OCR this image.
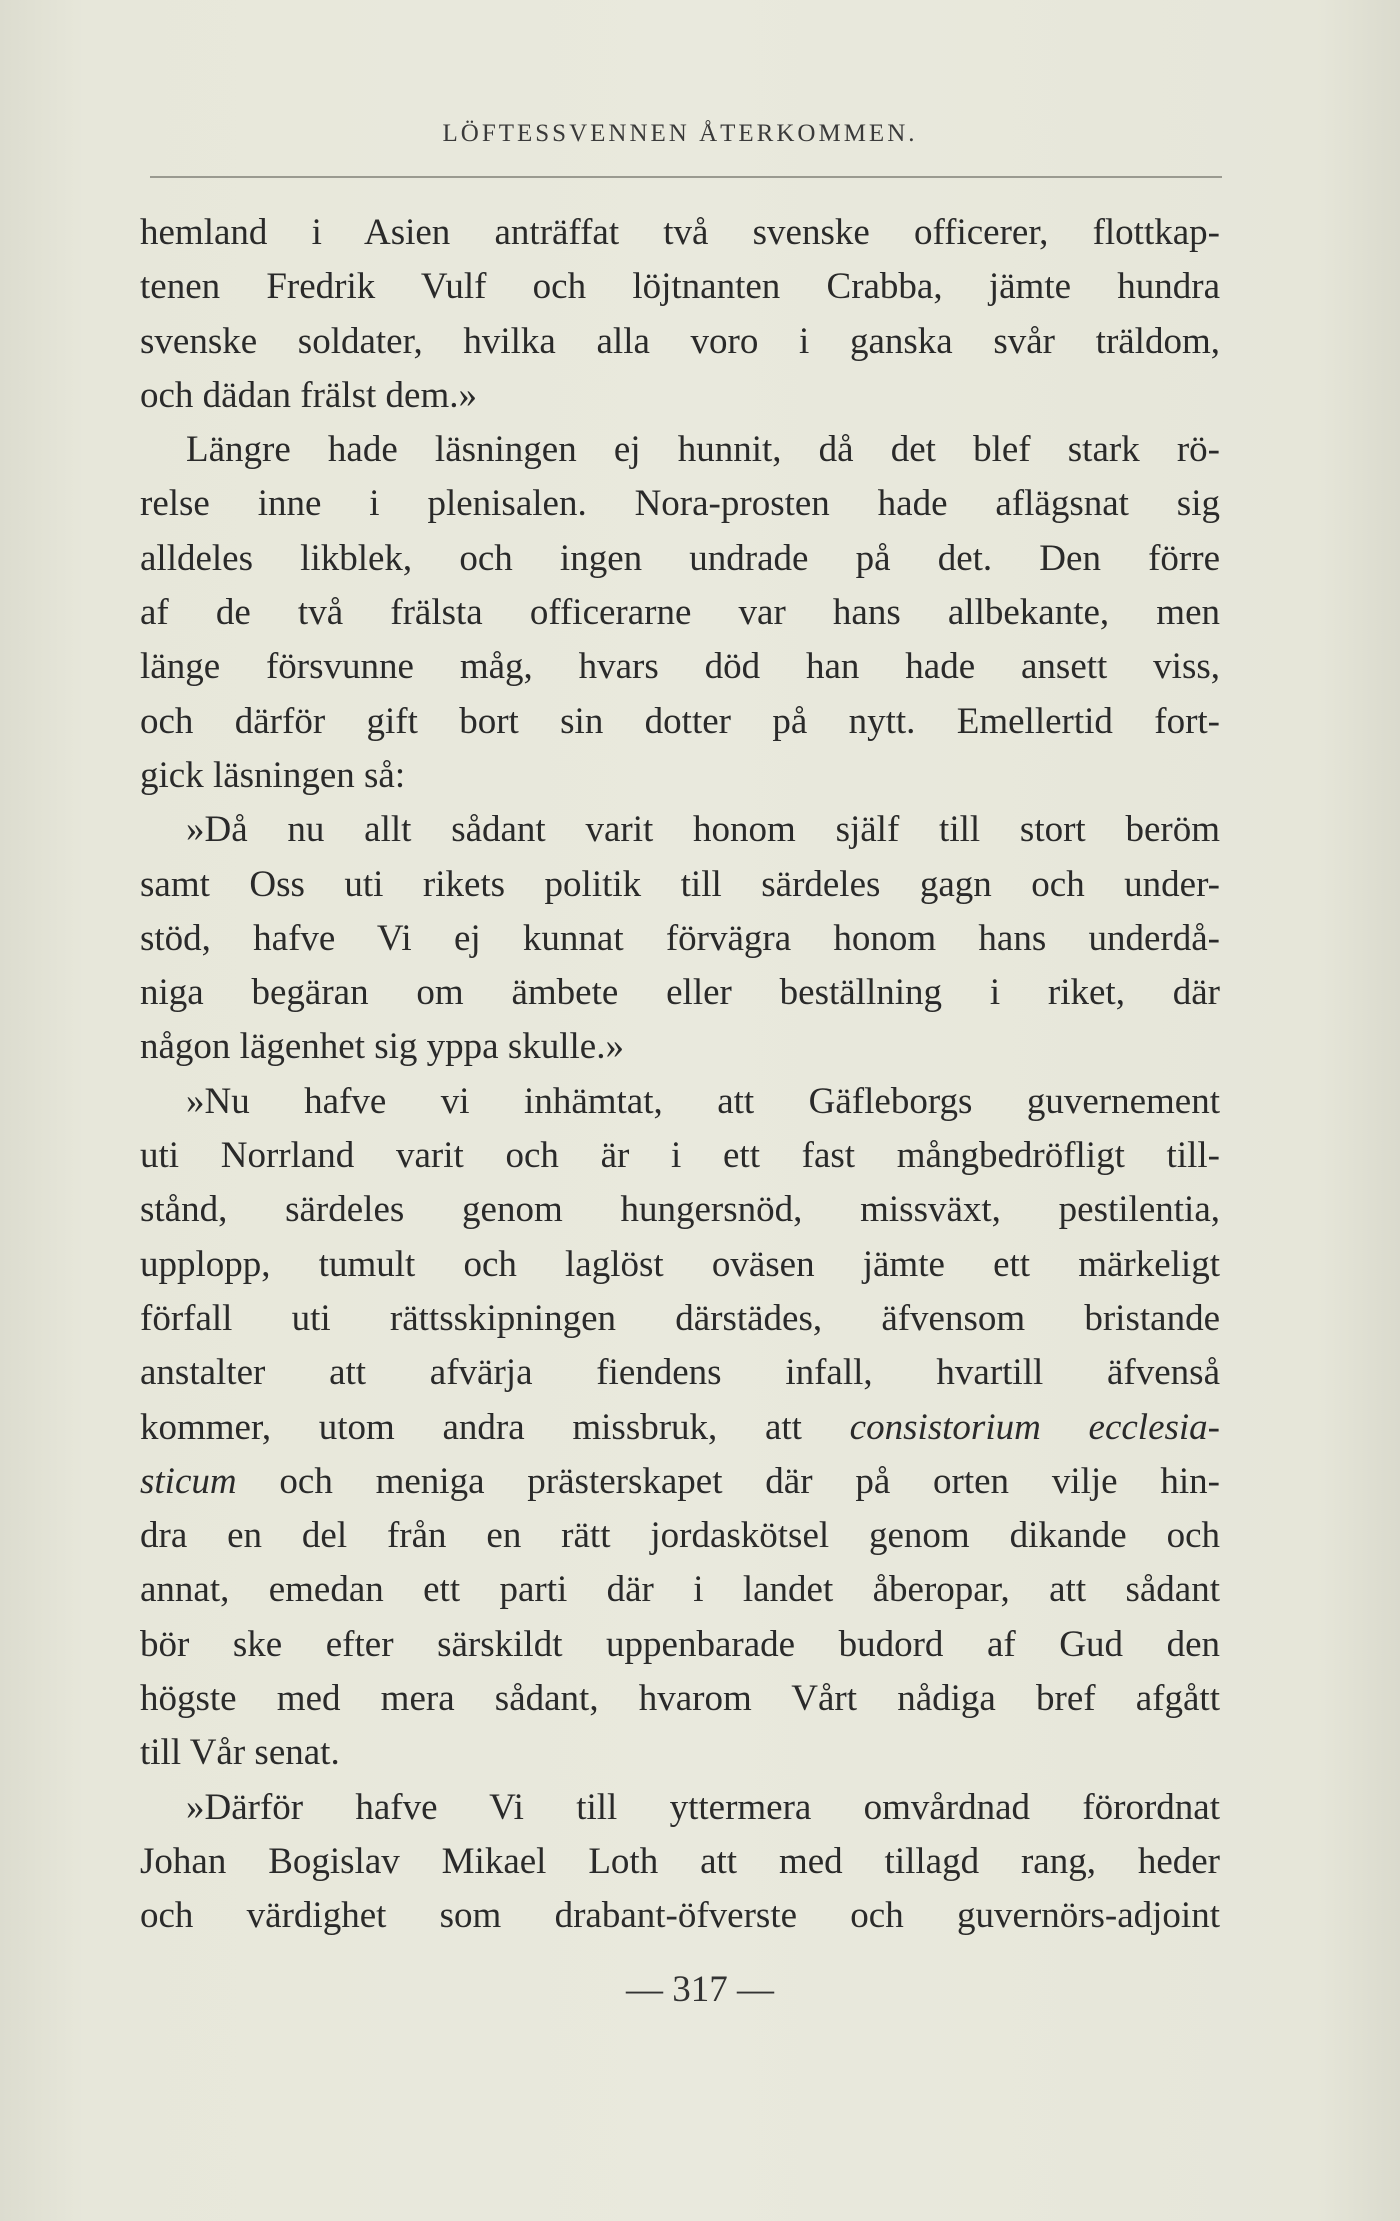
LÖFTESSVENNEN ÅTERKOMMEN.
hemland i Asien anträffat två svenske officerer, flottkap-
tenen Fredrik Vulf och löjtnanten Crabba, jämte hundra
svenske soldater, hvilka alla voro i ganska svår träldom,
och dädan frälst dem.»
Längre hade läsningen ej hunnit, då det blef stark rö-
relse inne i plenisalen. Nora-prosten hade aflägsnat sig
alldeles likblek, och ingen undrade på det. Den förre
af de två frälsta officerarne var hans allbekante, men
länge försvunne måg, hvars död han hade ansett viss,
och därför gift bort sin dotter på nytt. Emellertid fort-
gick läsningen så:
»Då nu allt sådant varit honom själf till stort beröm
samt Oss uti rikets politik till särdeles gagn och under-
stöd, hafve Vi ej kunnat förvägra honom hans underdå-
niga begäran om ämbete eller beställning i riket, där
någon lägenhet sig yppa skulle.»
»Nu hafve vi inhämtat, att Gäfleborgs guvernement
uti Norrland varit och är i ett fast mångbedröfligt till-
stånd, särdeles genom hungersnöd, missväxt, pestilentia,
upplopp, tumult och laglöst oväsen jämte ett märkeligt
förfall uti rättsskipningen därstädes, äfvensom bristande
anstalter att afvärja fiendens infall, hvartill äfvenså
kommer, utom andra missbruk, att consistorium ecclesia-
sticum och meniga prästerskapet där på orten vilje hin-
dra en del från en rätt jordaskötsel genom dikande och
annat, emedan ett parti där i landet åberopar, att sådant
bör ske efter särskildt uppenbarade budord af Gud den
högste med mera sådant, hvarom Vårt nådiga bref afgått
till Vår senat.
»Därför hafve Vi till yttermera omvårdnad förordnat
Johan Bogislav Mikael Loth att med tillagd rang, heder
och värdighet som drabant-öfverste och guvernörs-adjoint
— 317 —
